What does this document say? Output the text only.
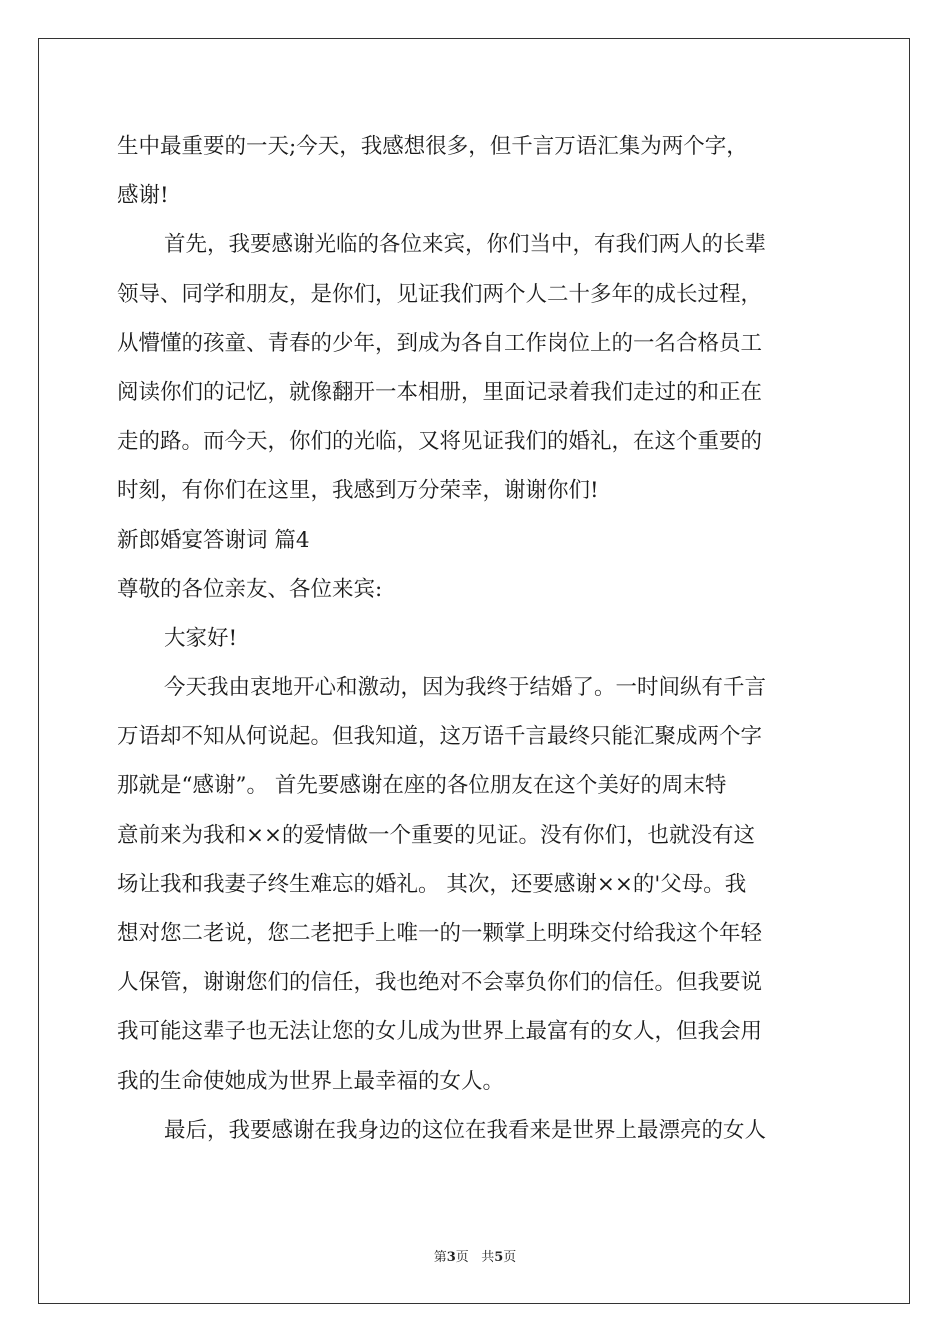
生中最重要的一天;今天，我感想很多，但千言万语汇集为两个字，
感谢!
首先，我要感谢光临的各位来宾，你们当中，有我们两人的长辈
领导、同学和朋友，是你们，见证我们两个人二十多年的成长过程，
从懵懂的孩童、青春的少年，到成为各自工作岗位上的一名合格员工
阅读你们的记忆，就像翻开一本相册，里面记录着我们走过的和正在
走的路。而今天，你们的光临，又将见证我们的婚礼，在这个重要的
时刻，有你们在这里，我感到万分荣幸，谢谢你们!
新郎婚宴答谢词 篇4
尊敬的各位亲友、各位来宾:
大家好!
今天我由衷地开心和激动，因为我终于结婚了。一时间纵有千言
万语却不知从何说起。但我知道，这万语千言最终只能汇聚成两个字
那就是“感谢”。 首先要感谢在座的各位朋友在这个美好的周末特
意前来为我和××的爱情做一个重要的见证。没有你们，也就没有这
场让我和我妻子终生难忘的婚礼。 其次，还要感谢××的'父母。我
想对您二老说，您二老把手上唯一的一颗掌上明珠交付给我这个年轻
人保管，谢谢您们的信任，我也绝对不会辜负你们的信任。但我要说
我可能这辈子也无法让您的女儿成为世界上最富有的女人，但我会用
我的生命使她成为世界上最幸福的女人。
最后，我要感谢在我身边的这位在我看来是世界上最漂亮的女人
第3页 共5页
